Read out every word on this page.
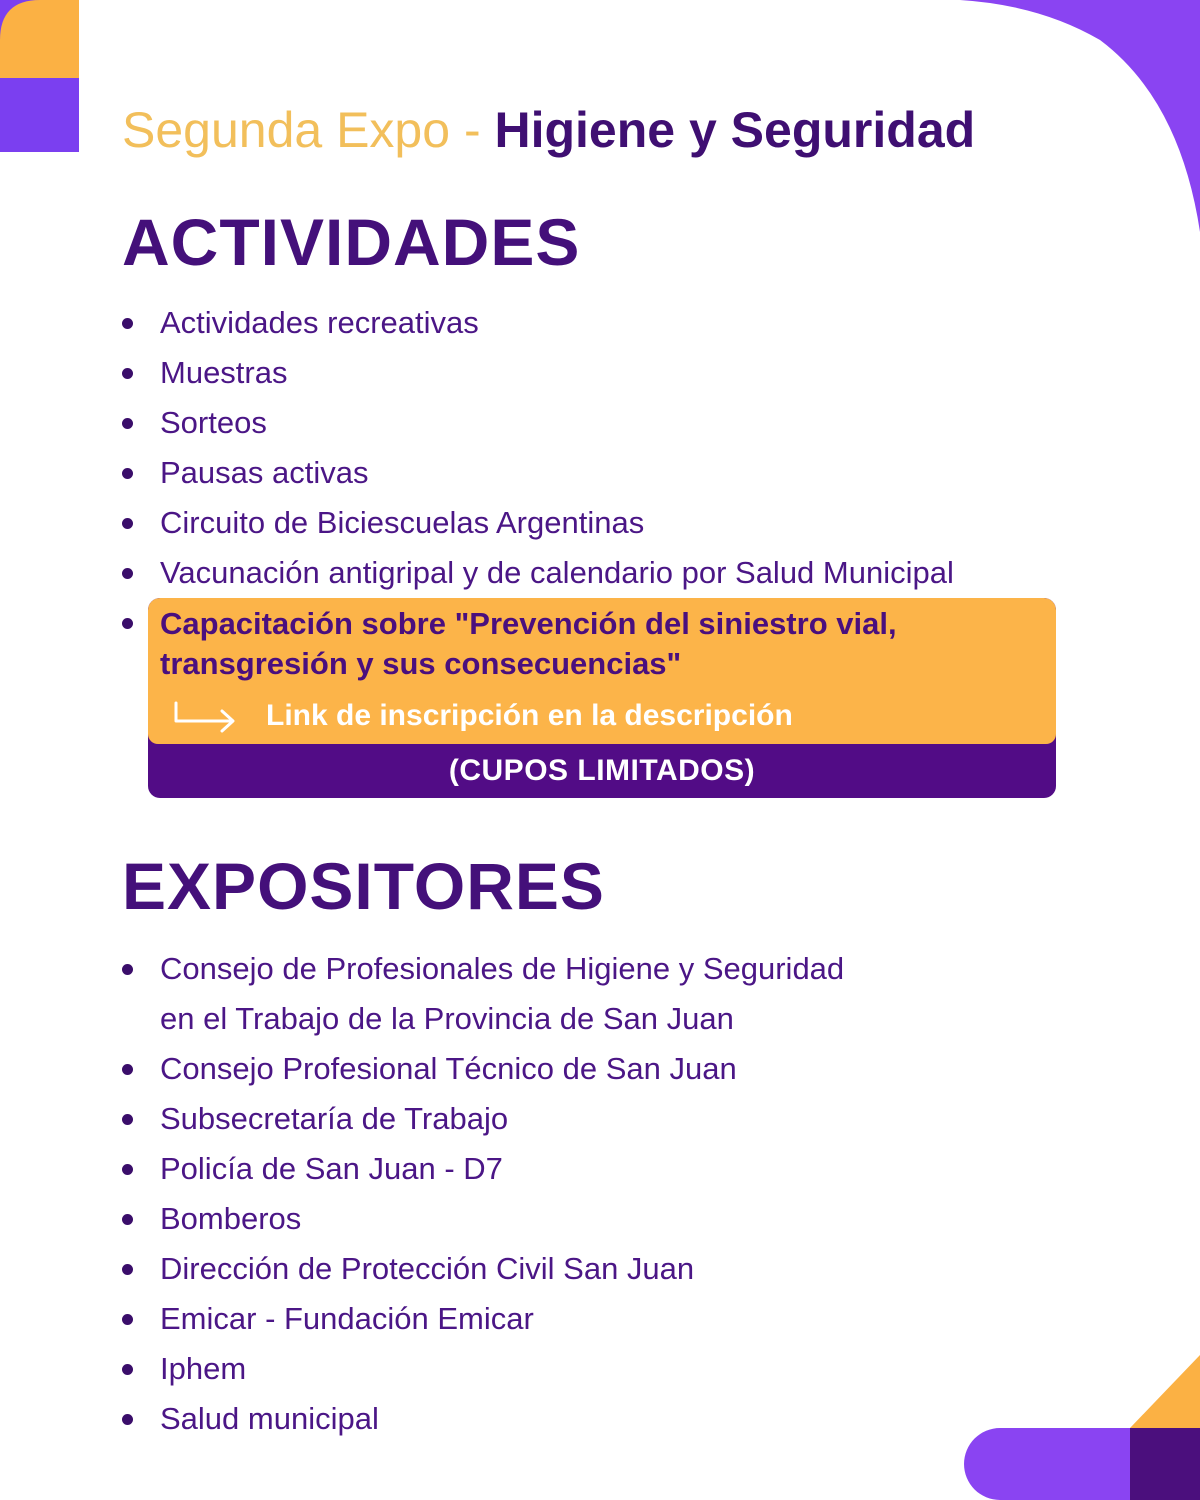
Segunda Expo - Higiene y Seguridad
ACTIVIDADES
Actividades recreativas
Muestras
Sorteos
Pausas activas
Circuito de Biciescuelas Argentinas
Vacunación antigripal y de calendario por Salud Municipal
Capacitación sobre "Prevención del siniestro vial,
transgresión y sus consecuencias"
Link de inscripción en la descripción
(CUPOS LIMITADOS)
EXPOSITORES
Consejo de Profesionales de Higiene y Seguridad
en el Trabajo de la Provincia de San Juan
Consejo Profesional Técnico de San Juan
Subsecretaría de Trabajo
Policía de San Juan - D7
Bomberos
Dirección de Protección Civil San Juan
Emicar - Fundación Emicar
Iphem
Salud municipal
